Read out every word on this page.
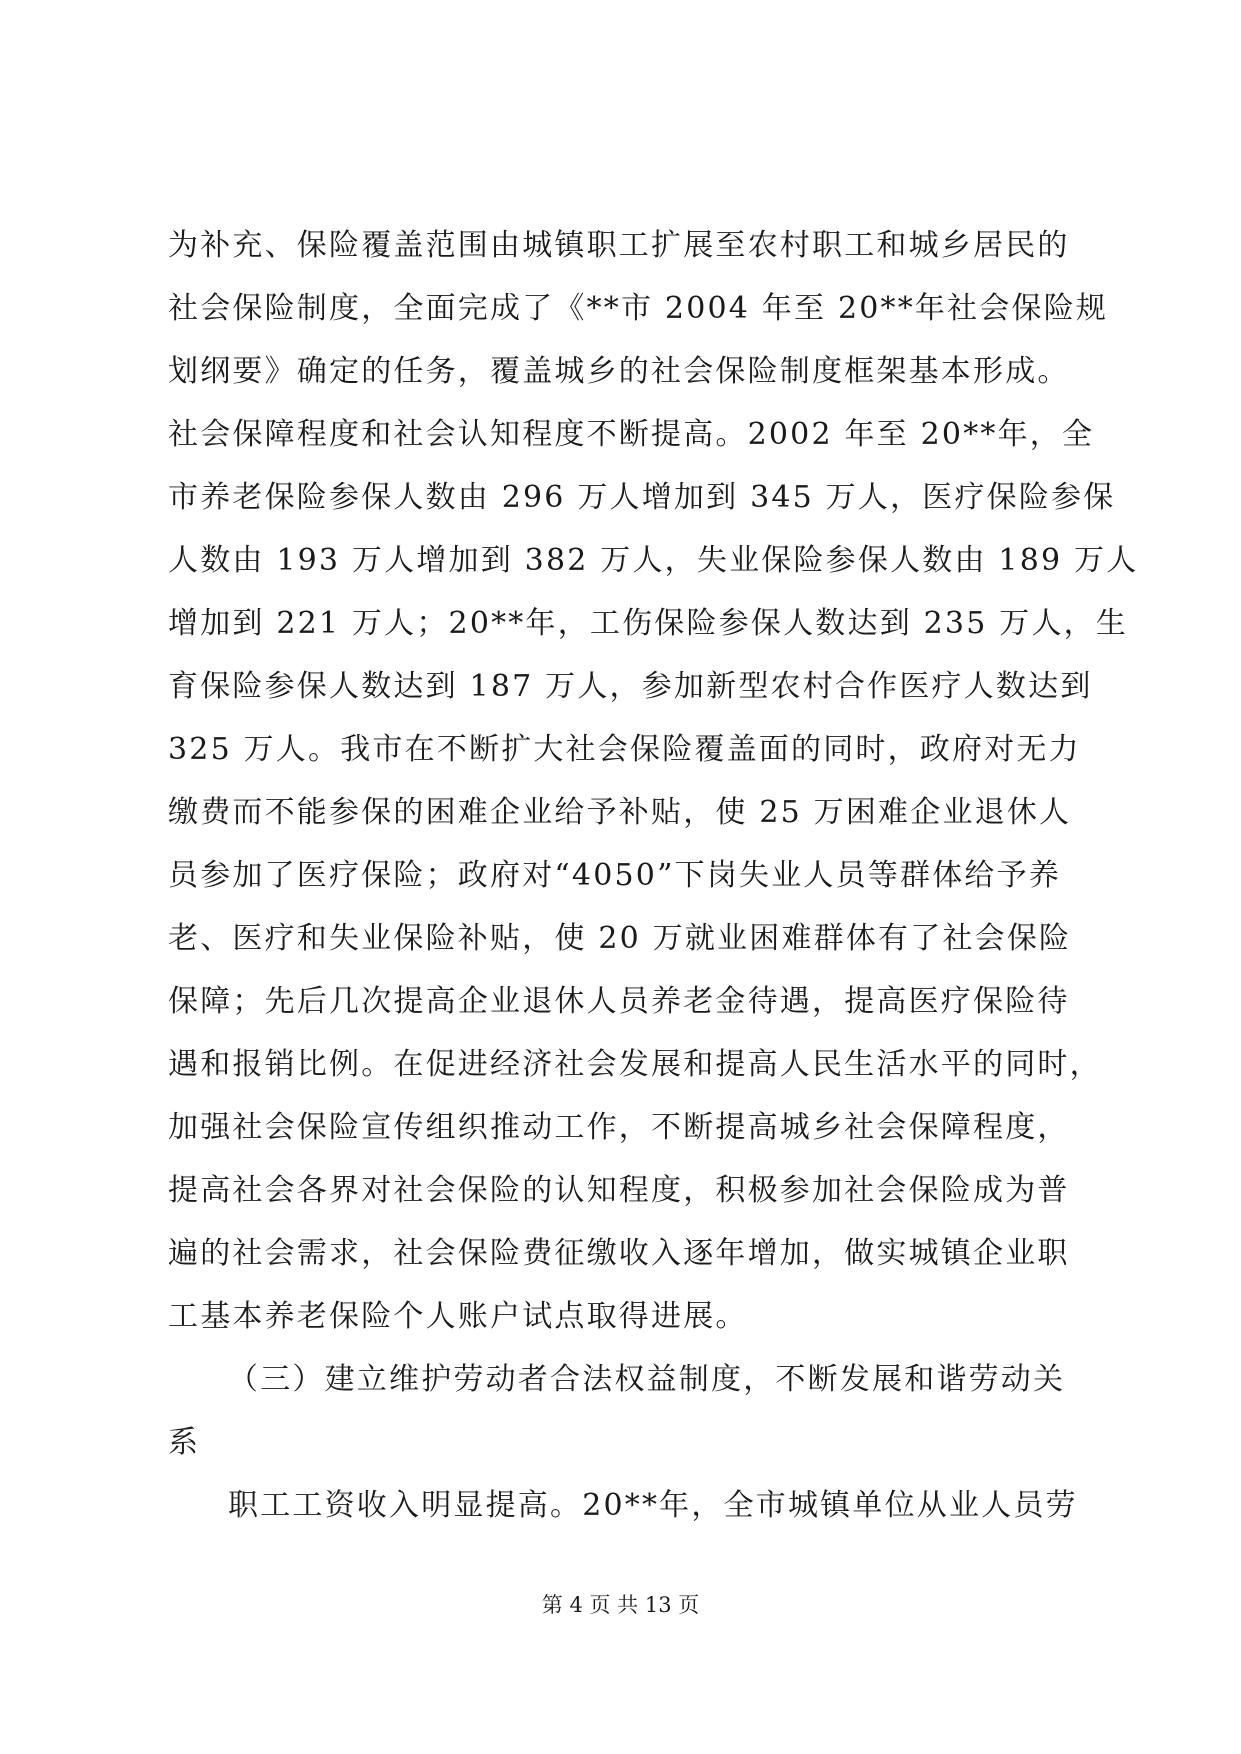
为补充、保险覆盖范围由城镇职工扩展至农村职工和城乡居民的
社会保险制度，全面完成了《**市 2004 年至 20**年社会保险规
划纲要》确定的任务，覆盖城乡的社会保险制度框架基本形成。
社会保障程度和社会认知程度不断提高。2002 年至 20**年，全
市养老保险参保人数由 296 万人增加到 345 万人，医疗保险参保
人数由 193 万人增加到 382 万人，失业保险参保人数由 189 万人
增加到 221 万人；20**年，工伤保险参保人数达到 235 万人，生
育保险参保人数达到 187 万人，参加新型农村合作医疗人数达到
325 万人。我市在不断扩大社会保险覆盖面的同时，政府对无力
缴费而不能参保的困难企业给予补贴，使 25 万困难企业退休人
员参加了医疗保险；政府对“4050”下岗失业人员等群体给予养
老、医疗和失业保险补贴，使 20 万就业困难群体有了社会保险
保障；先后几次提高企业退休人员养老金待遇，提高医疗保险待
遇和报销比例。在促进经济社会发展和提高人民生活水平的同时，
加强社会保险宣传组织推动工作，不断提高城乡社会保障程度，
提高社会各界对社会保险的认知程度，积极参加社会保险成为普
遍的社会需求，社会保险费征缴收入逐年增加，做实城镇企业职
工基本养老保险个人账户试点取得进展。
（三）建立维护劳动者合法权益制度，不断发展和谐劳动关
系
职工工资收入明显提高。20**年，全市城镇单位从业人员劳
第 4 页 共 13 页
